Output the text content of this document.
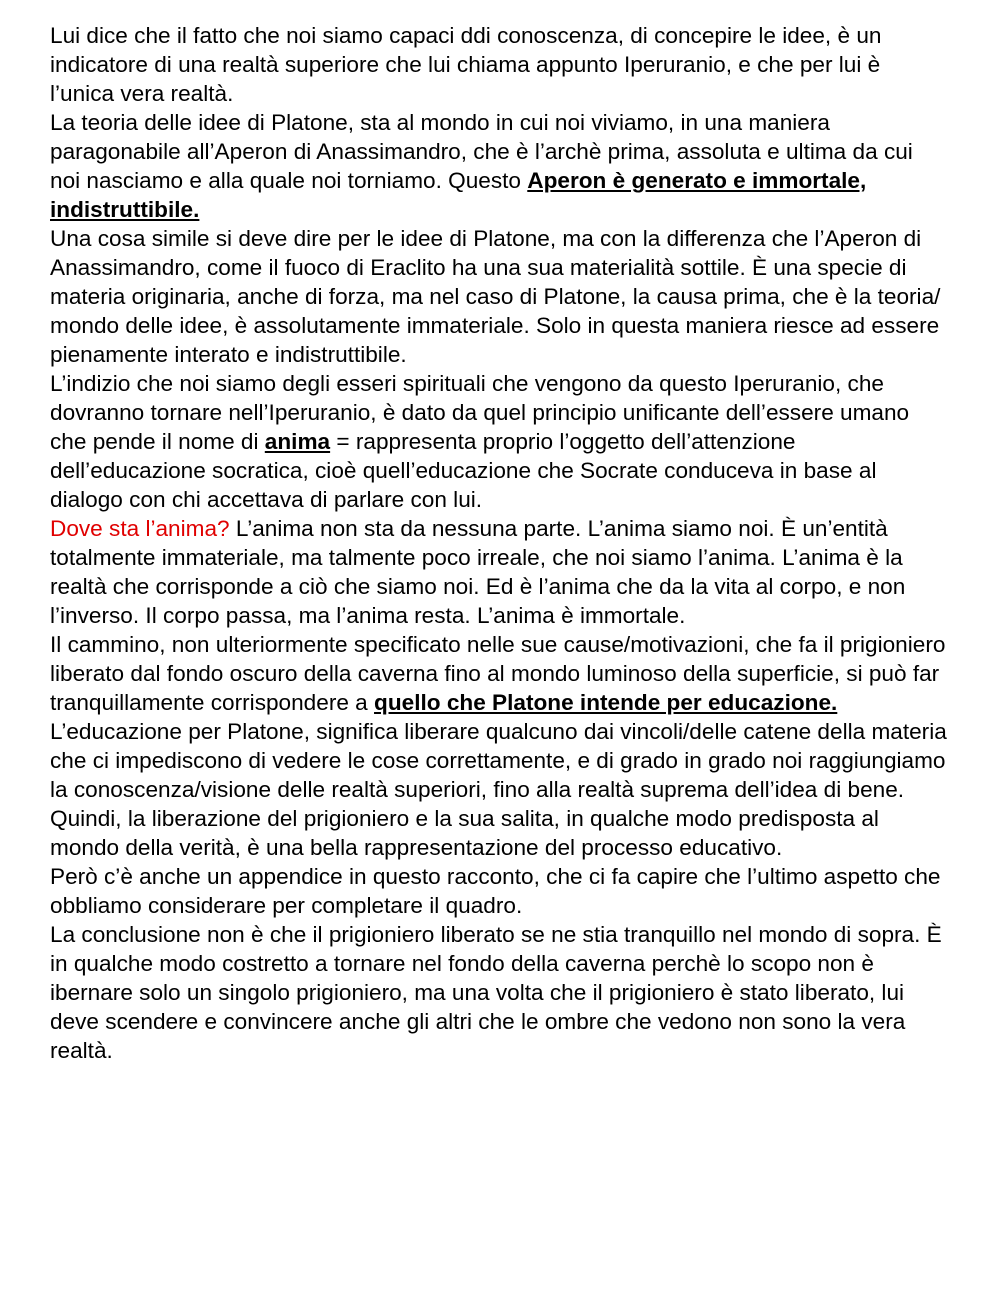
Lui dice che il fatto che noi siamo capaci ddi conoscenza, di concepire le idee, è un indicatore di una realtà superiore che lui chiama appunto Iperuranio, e che per lui è l’unica vera realtà.

La teoria delle idee di Platone, sta al mondo in cui noi viviamo, in una maniera paragonabile all’Aperon di Anassimandro, che è l’archè prima, assoluta e ultima da cui noi nasciamo e alla quale noi torniamo. Questo Aperon è generato e immortale, indistruttibile.

Una cosa simile si deve dire per le idee di Platone, ma con la differenza che l’Aperon di Anassimandro, come il fuoco di Eraclito ha una sua materialità sottile. È una specie di materia originaria, anche di forza, ma nel caso di Platone, la causa prima, che è la teoria/ mondo delle idee, è assolutamente immateriale. Solo in questa maniera riesce ad essere pienamente interato e indistruttibile.

L’indizio che noi siamo degli esseri spirituali che vengono da questo Iperuranio, che dovranno tornare nell’Iperuranio, è dato da quel principio unificante dell’essere umano che pende il nome di anima = rappresenta proprio l’oggetto dell’attenzione dell’educazione socratica, cioè quell’educazione che Socrate conduceva in base al dialogo con chi accettava di parlare con lui.

Dove sta l’anima? L’anima non sta da nessuna parte. L’anima siamo noi. È un’entità totalmente immateriale, ma talmente poco irreale, che noi siamo l’anima. L’anima è la realtà che corrisponde a ciò che siamo noi. Ed è l’anima che da la vita al corpo, e non l’inverso. Il corpo passa, ma l’anima resta. L’anima è immortale.

Il cammino, non ulteriormente specificato nelle sue cause/motivazioni, che fa il prigioniero liberato dal fondo oscuro della caverna fino al mondo luminoso della superficie, si può far tranquillamente corrispondere a quello che Platone intende per educazione.

L’educazione per Platone, significa liberare qualcuno dai vincoli/delle catene della materia che ci impediscono di vedere le cose correttamente, e di grado in grado noi raggiungiamo la conoscenza/visione delle realtà superiori, fino alla realtà suprema dell’idea di bene.

Quindi, la liberazione del prigioniero e la sua salita, in qualche modo predisposta al mondo della verità, è una bella rappresentazione del processo educativo.

Però c’è anche un appendice in questo racconto, che ci fa capire che l’ultimo aspetto che obbliamo considerare per completare il quadro.

La conclusione non è che il prigioniero liberato se ne stia tranquillo nel mondo di sopra. È in qualche modo costretto a tornare nel fondo della caverna perchè lo scopo non è ibernare solo un singolo prigioniero, ma una volta che il prigioniero è stato liberato, lui deve scendere e convincere anche gli altri che le ombre che vedono non sono la vera realtà.
